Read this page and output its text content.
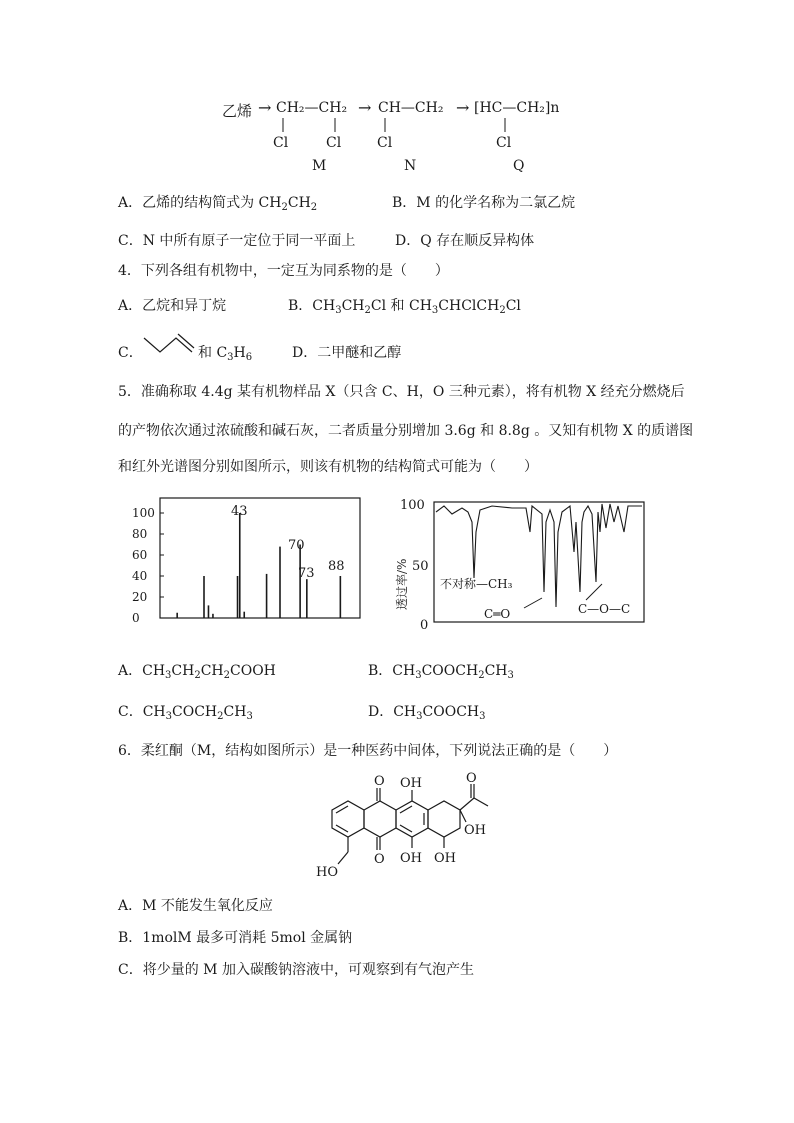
乙烯 → CH₂—CH₂ → CH—CH₂ → [HC—CH₂]n
Cl	Cl	Cl	Cl
M	N	Q
A．乙烯的结构简式为 $CH_2CH_2$	B．M 的化学名称为二氯乙烷
C．N 中所有原子一定位于同一平面上	D．Q 存在顺反异构体
4．下列各组有机物中，一定互为同系物的是（　　）
A．乙烷和异丁烷	B．$CH_3CH_2Cl$ 和 $CH_3CHClCH_2Cl$
C．	和 $C_3H_6$	D．二甲醚和乙醇
5．准确称取 4.4g 某有机物样品 X（只含 C、H，O 三种元素），将有机物 X 经充分燃烧后
的产物依次通过浓硫酸和碱石灰，二者质量分别增加 3.6g 和 8.8g 。又知有机物 X 的质谱图
和红外光谱图分别如图所示，则该有机物的结构简式可能为（　　）
100
80
60
40
20
0
43
70
73 88
100
50
0
透过率/%	不对称—CH₃
C═O	C—O—C
A．$CH_3CH_2CH_2COOH$	B．$CH_3COOCH_2CH_3$
C．$CH_3COCH_2CH_3$	D．$CH_3COOCH_3$
6．柔红酮（M，结构如图所示）是一种医药中间体，下列说法正确的是（　　）
O
O
OH
OH OH
O
OH
HO
A．M 不能发生氧化反应
B．1molM 最多可消耗 5mol 金属钠
C．将少量的 M 加入碳酸钠溶液中，可观察到有气泡产生
